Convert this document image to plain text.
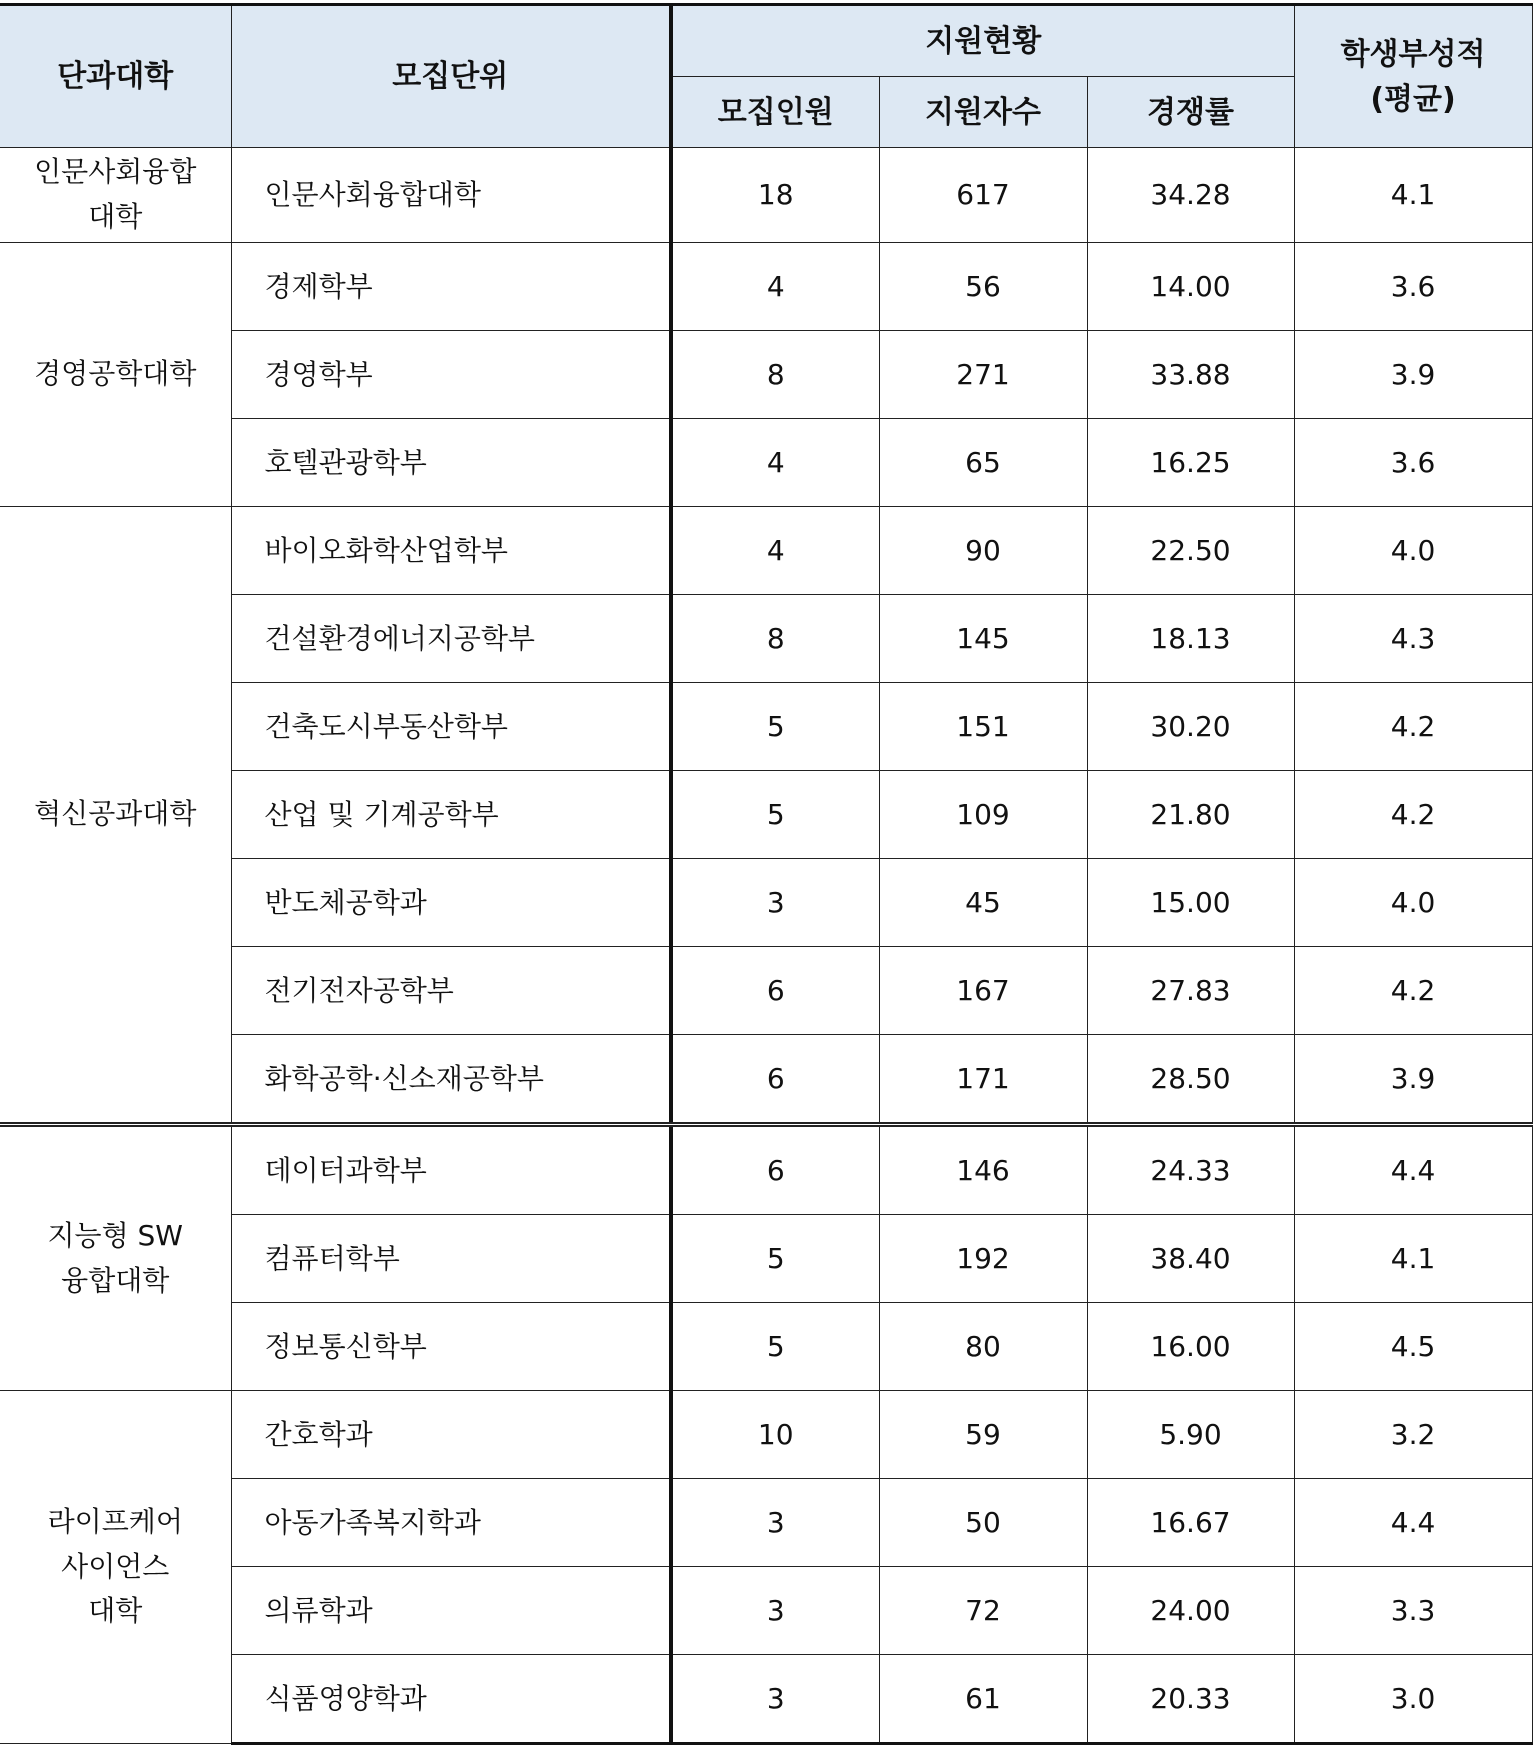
단과대학	모집단위	지원현황			학생부성적
(평균)

		모집인원	지원자수	경쟁률	

인문사회융합
대학	인문사회융합대학	18	617	34.28	4.1

경영공학대학	경제학부	4	56	14.00	3.6
	경영학부	8	271	33.88	3.9
	호텔관광학부	4	65	16.25	3.6

혁신공과대학	바이오화학산업학부	4	90	22.50	4.0
	건설환경에너지공학부	8	145	18.13	4.3
	건축도시부동산학부	5	151	30.20	4.2
	산업 및 기계공학부	5	109	21.80	4.2
	반도체공학과	3	45	15.00	4.0
	전기전자공학부	6	167	27.83	4.2
	화학공학·신소재공학부	6	171	28.50	3.9

지능형 SW
융합대학	데이터과학부	6	146	24.33	4.4
	컴퓨터학부	5	192	38.40	4.1
	정보통신학부	5	80	16.00	4.5

라이프케어
사이언스
대학	간호학과	10	59	5.90	3.2
	아동가족복지학과	3	50	16.67	4.4
	의류학과	3	72	24.00	3.3
	식품영양학과	3	61	20.33	3.0
